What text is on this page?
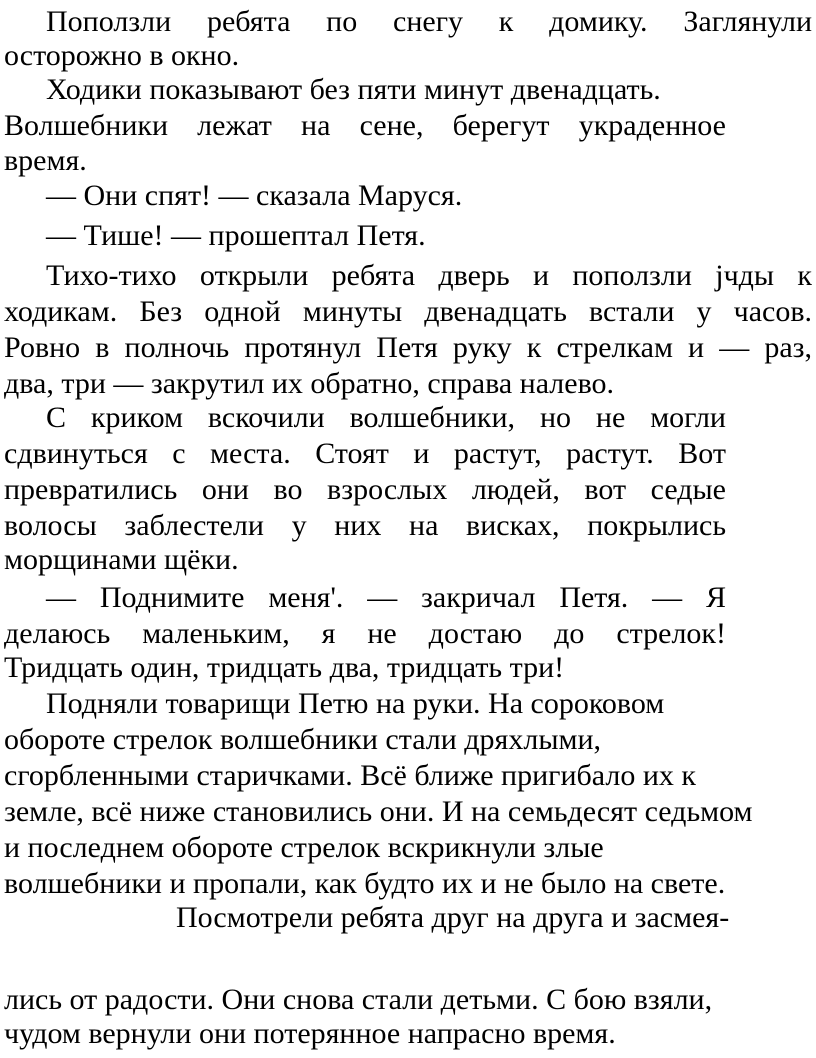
Поползли ребята по снегу к домику. Заглянули
осторожно в окно.
Ходики показывают без пяти минут двенадцать.
Волшебники лежат на сене, берегут украденное
время.
— Они спят! — сказала Маруся.
— Тише! — прошептал Петя.
Тихо-тихо открыли ребята дверь и поползли jчды к
ходикам. Без одной минуты двенадцать встали у часов.
Ровно в полночь протянул Петя руку к стрелкам и — раз,
два, три — закрутил их обратно, справа налево.
С криком вскочили волшебники, но не могли
сдвинуться с места. Стоят и растут, растут. Вот
превратились они во взрослых людей, вот седые
волосы заблестели у них на висках, покрылись
морщинами щёки.
— Поднимите меня'. — закричал Петя. — Я
делаюсь маленьким, я не достаю до стрелок!
Тридцать один, тридцать два, тридцать три!
Подняли товарищи Петю на руки. На сороковом
обороте стрелок волшебники стали дряхлыми,
сгорбленными старичками. Всё ближе пригибало их к
земле, всё ниже становились они. И на семьдесят седьмом
и последнем обороте стрелок вскрикнули злые
волшебники и пропали, как будто их и не было на свете.
Посмотрели ребята друг на друга и засмея-
лись от радости. Они снова стали детьми. С бою взяли,
чудом вернули они потерянное напрасно время.
